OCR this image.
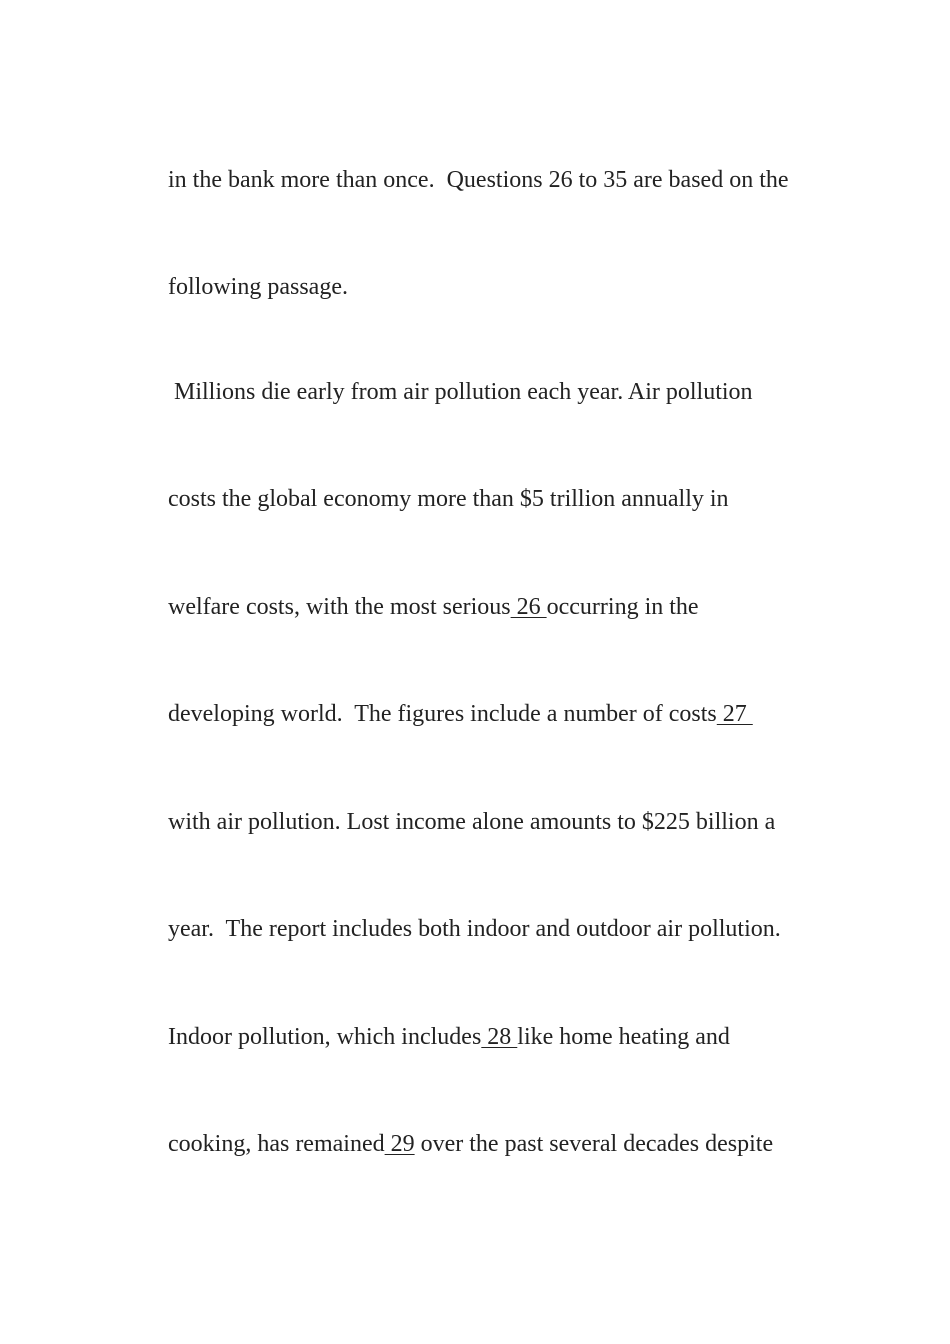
in the bank more than once.  Questions 26 to 35 are based on the

following passage.

Millions die early from air pollution each year. Air pollution

costs the global economy more than $5 trillion annually in

welfare costs, with the most serious 26 occurring in the

developing world.  The figures include a number of costs 27

with air pollution. Lost income alone amounts to $225 billion a

year.  The report includes both indoor and outdoor air pollution.

Indoor pollution, which includes 28 like home heating and

cooking, has remained 29 over the past several decades despite
